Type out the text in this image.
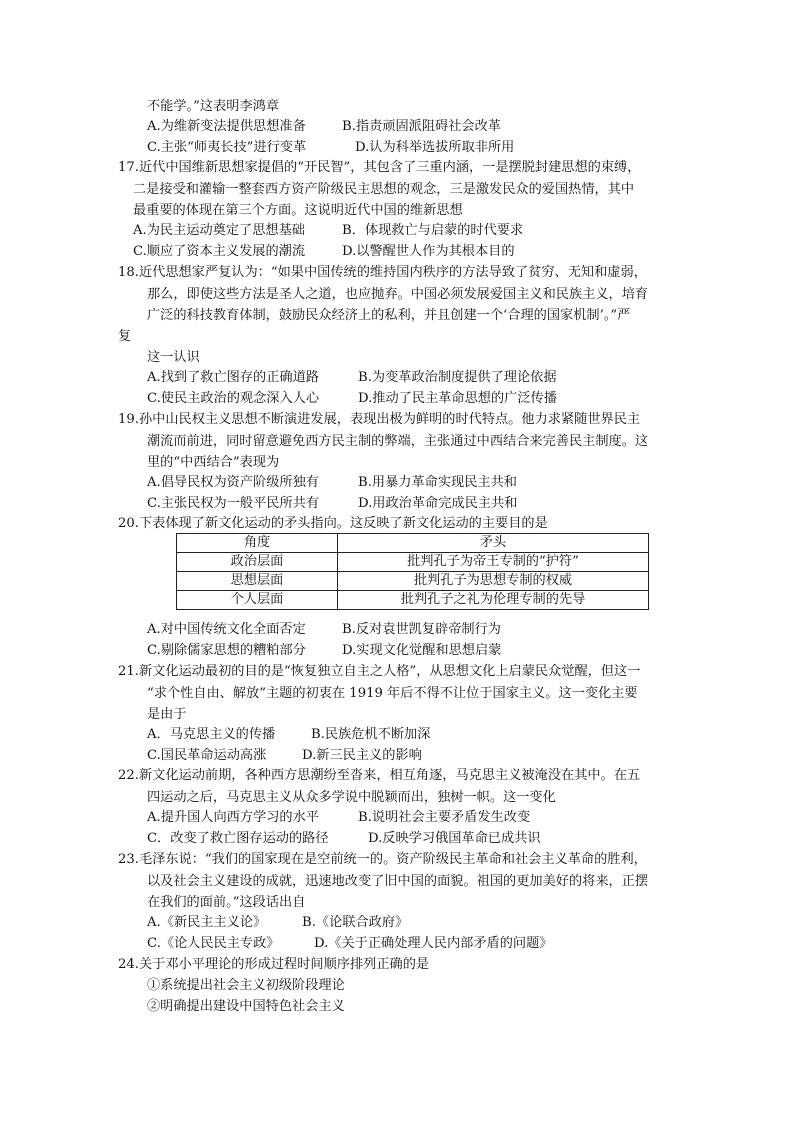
不能学。”这表明李鸿章
A.为维新变法提供思想准备	B.指责顽固派阻碍社会改革
C.主张“师夷长技”进行变革	D.认为科举选拔所取非所用
17.近代中国维新思想家提倡的“开民智”，其包含了三重内涵，一是摆脱封建思想的束缚，
二是接受和灌输一整套西方资产阶级民主思想的观念，三是激发民众的爱国热情，其中
最重要的体现在第三个方面。这说明近代中国的维新思想
A.为民主运动奠定了思想基础	B．体现救亡与启蒙的时代要求
C.顺应了资本主义发展的潮流	D.以警醒世人作为其根本目的
18.近代思想家严复认为：“如果中国传统的维持国内秩序的方法导致了贫穷、无知和虚弱，
那么，即使这些方法是圣人之道，也应抛弃。中国必须发展爱国主义和民族主义，培育
广泛的科技教育体制，鼓励民众经济上的私利，并且创建一个‘合理的国家机制’。”严
复
这一认识
A.找到了救亡图存的正确道路	B.为变革政治制度提供了理论依据
C.使民主政治的观念深入人心	D.推动了民主革命思想的广泛传播
19.孙中山民权主义思想不断演进发展，表现出极为鲜明的时代特点。他力求紧随世界民主
潮流而前进，同时留意避免西方民主制的弊端，主张通过中西结合来完善民主制度。这
里的“中西结合”表现为
A.倡导民权为资产阶级所独有	B.用暴力革命实现民主共和
C.主张民权为一般平民所共有	D.用政治革命完成民主共和
20.下表体现了新文化运动的矛头指向。这反映了新文化运动的主要目的是
角度	矛头
政治层面	批判孔子为帝王专制的“护符”
思想层面	批判孔子为思想专制的权威
个人层面	批判孔子之礼为伦理专制的先导
A.对中国传统文化全面否定	B.反对袁世凯复辟帝制行为
C.剔除儒家思想的糟粕部分	D.实现文化觉醒和思想启蒙
21.新文化运动最初的目的是“恢复独立自主之人格”，从思想文化上启蒙民众觉醒，但这一
“求个性自由、解放”主题的初衷在 1919 年后不得不让位于国家主义。这一变化主要
是由于
A．马克思主义的传播	B.民族危机不断加深
C.国民革命运动高涨	D.新三民主义的影响
22.新文化运动前期，各种西方思潮纷至沓来，相互角逐，马克思主义被淹没在其中。在五
四运动之后，马克思主义从众多学说中脱颖而出，独树一帜。这一变化
A.提升国人向西方学习的水平	B.说明社会主要矛盾发生改变
C．改变了救亡图存运动的路径	D.反映学习俄国革命已成共识
23.毛泽东说：“我们的国家现在是空前统一的。资产阶级民主革命和社会主义革命的胜利，
以及社会主义建设的成就，迅速地改变了旧中国的面貌。祖国的更加美好的将来，正摆
在我们的面前。”这段话出自
A.《新民主主义论》	B.《论联合政府》
C.《论人民民主专政》	D.《关于正确处理人民内部矛盾的问题》
24.关于邓小平理论的形成过程时间顺序排列正确的是
①系统提出社会主义初级阶段理论
②明确提出建设中国特色社会主义
